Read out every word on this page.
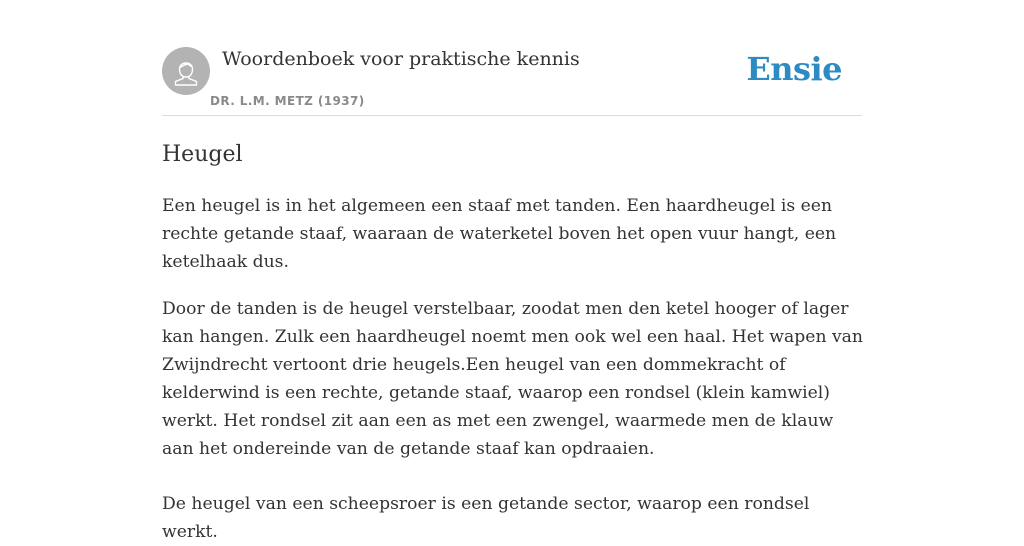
Woordenboek voor praktische kennis
DR. L.M. METZ (1937)
Ensie
Heugel

Een heugel is in het algemeen een staaf met tanden. Een haardheugel is een rechte getande staaf, waaraan de waterketel boven het open vuur hangt, een ketelhaak dus.

Door de tanden is de heugel verstelbaar, zoodat men den ketel hooger of lager kan hangen. Zulk een haardheugel noemt men ook wel een haal. Het wapen van Zwijndrecht vertoont drie heugels.Een heugel van een dommekracht of kelderwind is een rechte, getande staaf, waarop een rondsel (klein kamwiel) werkt. Het rondsel zit aan een as met een zwengel, waarmede men de klauw aan het ondereinde van de getande staaf kan opdraaien.

De heugel van een scheepsroer is een getande sector, waarop een rondsel werkt.
